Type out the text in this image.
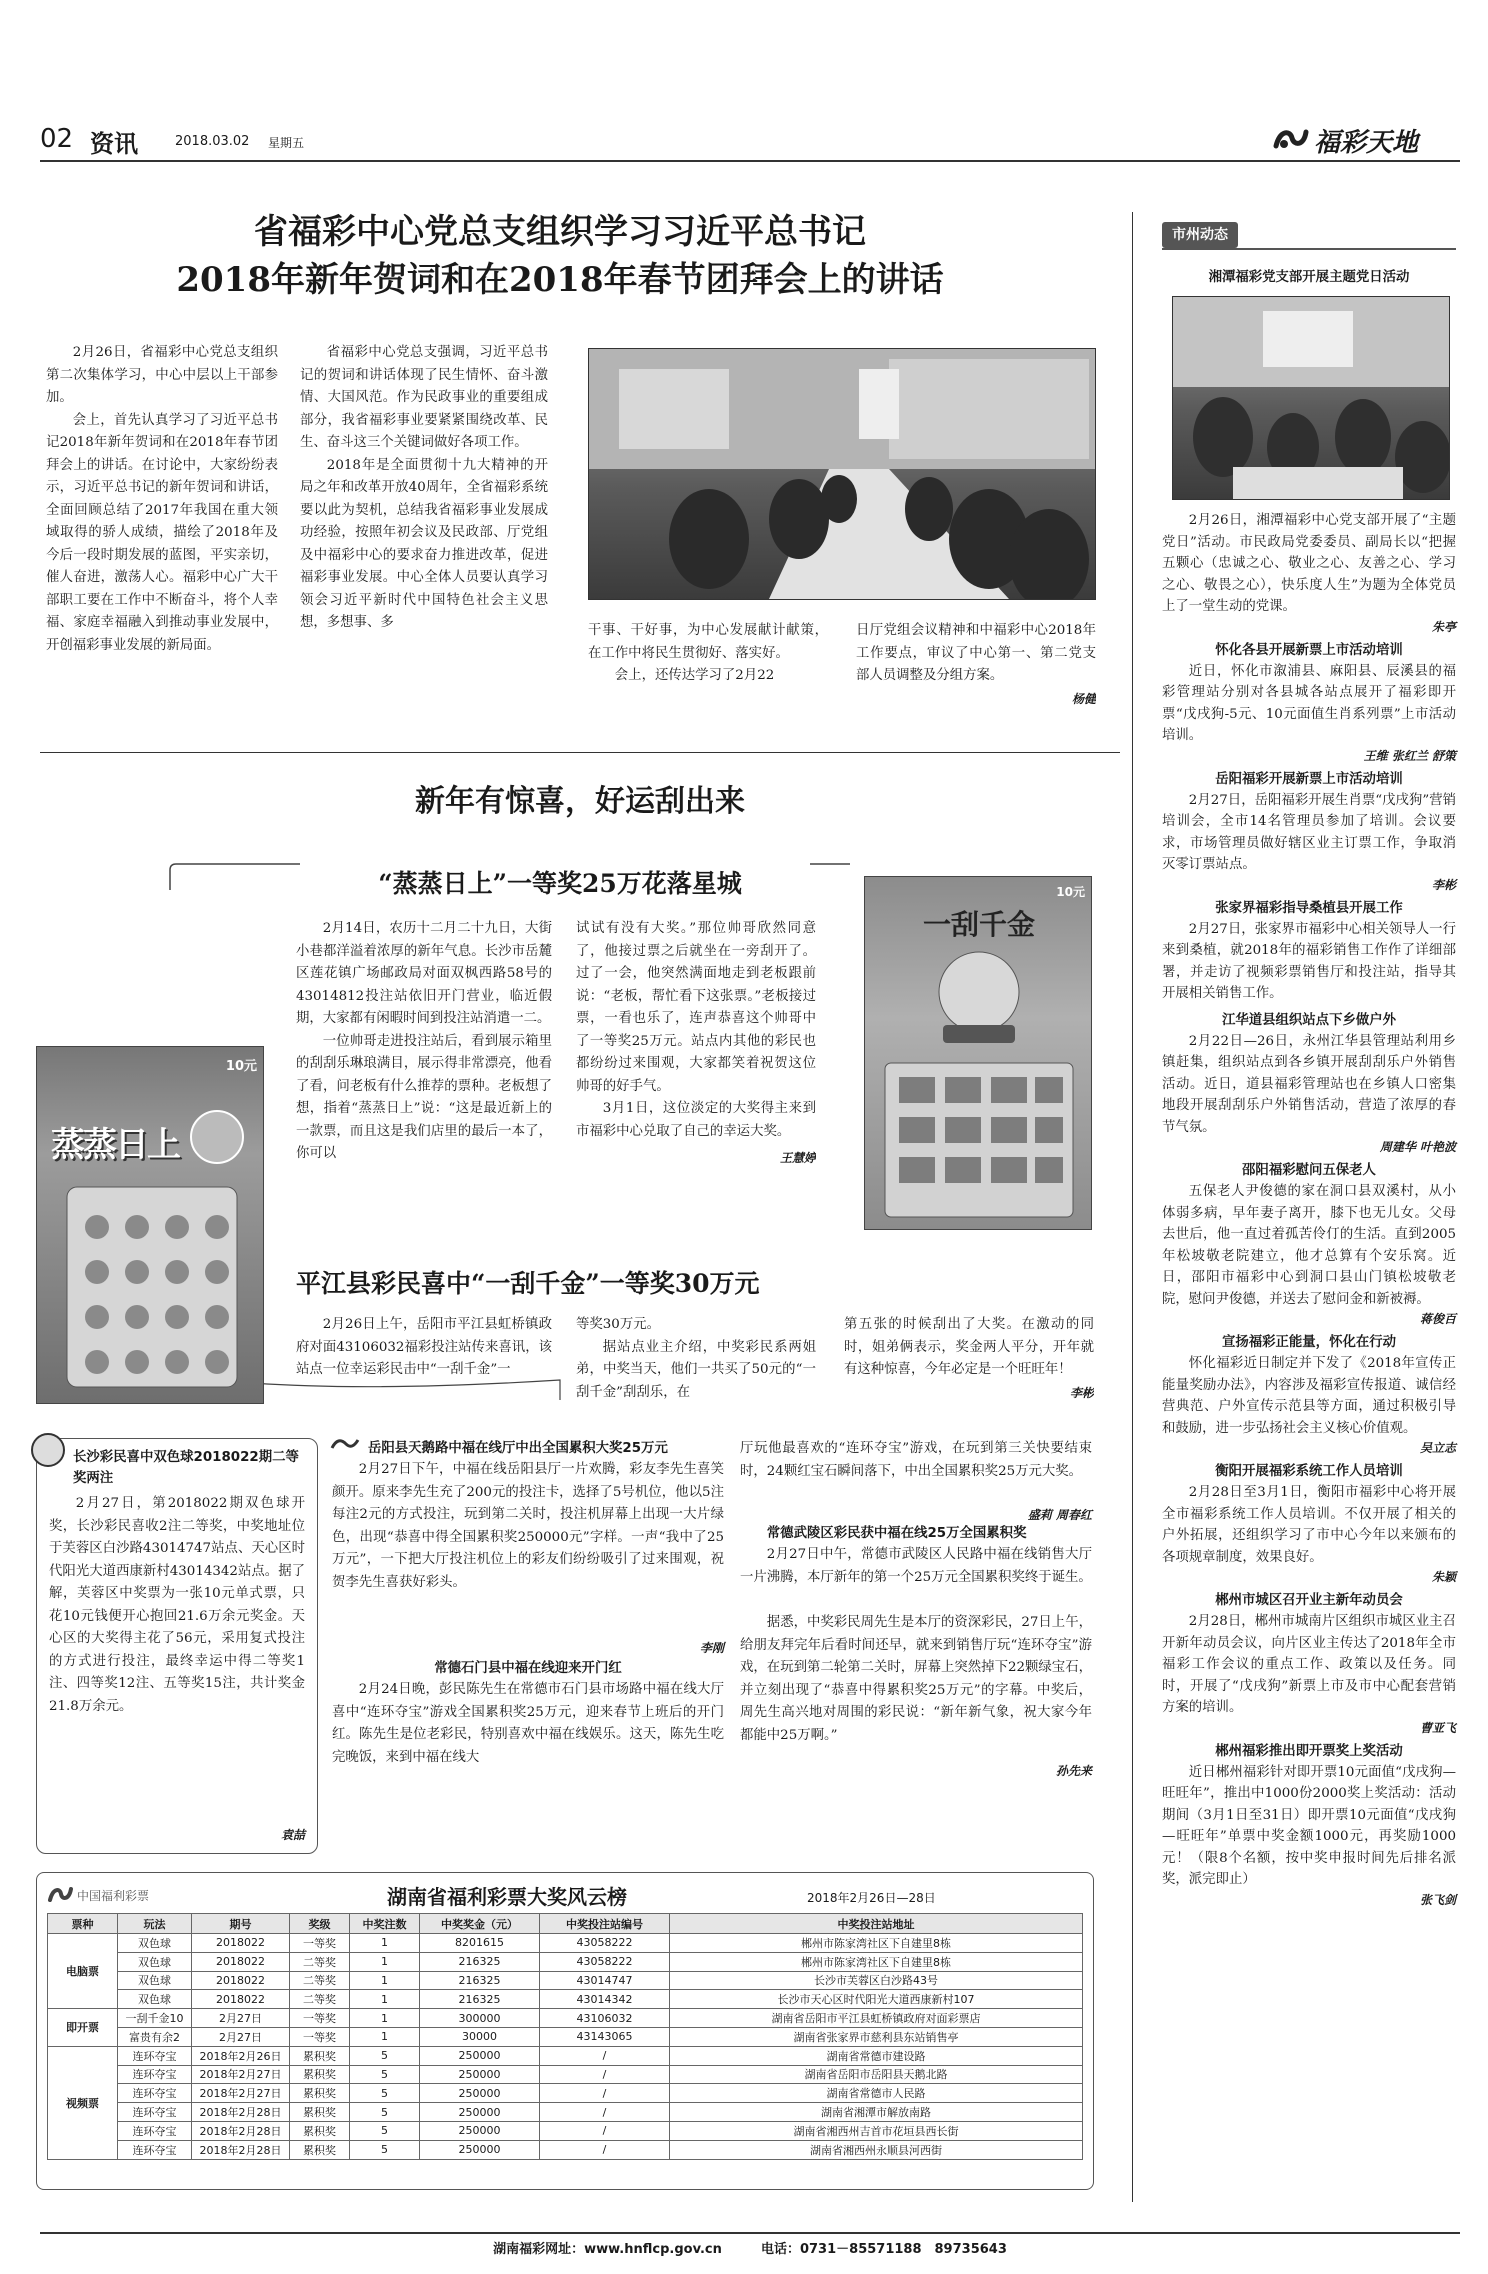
02 资讯	2018.03.02 星期五	福彩天地
省福彩中心党总支组织学习习近平总书记
2018年新年贺词和在2018年春节团拜会上的讲话

2月26日，省福彩中心党总支组织第二次集体学习，中心中层以上干部参加。

会上，首先认真学习了习近平总书记2018年新年贺词和在2018年春节团拜会上的讲话。在讨论中，大家纷纷表示，习近平总书记的新年贺词和讲话，全面回顾总结了2017年我国在重大领域取得的骄人成绩，描绘了2018年及今后一段时期发展的蓝图，平实亲切，催人奋进，激荡人心。福彩中心广大干部职工要在工作中不断奋斗，将个人幸福、家庭幸福融入到推动事业发展中，开创福彩事业发展的新局面。

省福彩中心党总支强调，习近平总书记的贺词和讲话体现了民生情怀、奋斗激情、大国风范。作为民政事业的重要组成部分，我省福彩事业要紧紧围绕改革、民生、奋斗这三个关键词做好各项工作。

2018年是全面贯彻十九大精神的开局之年和改革开放40周年，全省福彩系统要以此为契机，总结我省福彩事业发展成功经验，按照年初会议及民政部、厅党组及中福彩中心的要求奋力推进改革，促进福彩事业发展。中心全体人员要认真学习领会习近平新时代中国特色社会主义思想，多想事、多

干事、干好事，为中心发展献计献策，在工作中将民生贯彻好、落实好。

会上，还传达学习了2月22

日厅党组会议精神和中福彩中心2018年工作要点，审议了中心第一、第二党支部人员调整及分组方案。

杨健
新年有惊喜，好运刮出来
“蒸蒸日上”一等奖25万花落星城
10元
蒸蒸日上

2月14日，农历十二月二十九日，大街小巷都洋溢着浓厚的新年气息。长沙市岳麓区莲花镇广场邮政局对面双枫西路58号的43014812投注站依旧开门营业，临近假期，大家都有闲暇时间到投注站消遣一二。

一位帅哥走进投注站后，看到展示箱里的刮刮乐琳琅满目，展示得非常漂亮，他看了看，问老板有什么推荐的票种。老板想了想，指着“蒸蒸日上”说：“这是最近新上的一款票，而且这是我们店里的最后一本了，你可以

试试有没有大奖。”那位帅哥欣然同意了，他接过票之后就坐在一旁刮开了。过了一会，他突然满面地走到老板跟前说：“老板，帮忙看下这张票。”老板接过票，一看也乐了，连声恭喜这个帅哥中了一等奖25万元。站点内其他的彩民也都纷纷过来围观，大家都笑着祝贺这位帅哥的好手气。

3月1日，这位淡定的大奖得主来到市福彩中心兑取了自己的幸运大奖。

王慧婷
10元
一刮千金
平江县彩民喜中“一刮千金”一等奖30万元

2月26日上午，岳阳市平江县虹桥镇政府对面43106032福彩投注站传来喜讯，该站点一位幸运彩民击中“一刮千金”一

等奖30万元。

据站点业主介绍，中奖彩民系两姐弟，中奖当天，他们一共买了50元的“一刮千金”刮刮乐，在

第五张的时候刮出了大奖。在激动的同时，姐弟俩表示，奖金两人平分，开年就有这种惊喜，今年必定是一个旺旺年！

李彬
长沙彩民喜中双色球2018022期二等奖两注

2月27日，第2018022期双色球开奖，长沙彩民喜收2注二等奖，中奖地址位于芙蓉区白沙路43014747站点、天心区时代阳光大道西康新村43014342站点。据了解，芙蓉区中奖票为一张10元单式票，只花10元钱便开心抱回21.6万余元奖金。天心区的大奖得主花了56元，采用复式投注的方式进行投注，最终幸运中得二等奖1注、四等奖12注、五等奖15注，共计奖金21.8万余元。

袁喆
岳阳县天鹅路中福在线厅中出全国累积大奖25万元

2月27日下午，中福在线岳阳县厅一片欢腾，彩友李先生喜笑颜开。原来李先生充了200元的投注卡，选择了5号机位，他以5注每注2元的方式投注，玩到第二关时，投注机屏幕上出现一大片绿色，出现“恭喜中得全国累积奖250000元”字样。一声“我中了25万元”，一下把大厅投注机位上的彩友们纷纷吸引了过来围观，祝贺李先生喜获好彩头。

李刚
常德石门县中福在线迎来开门红

2月24日晚，彭民陈先生在常德市石门县市场路中福在线大厅喜中“连环夺宝”游戏全国累积奖25万元，迎来春节上班后的开门红。陈先生是位老彩民，特别喜欢中福在线娱乐。这天，陈先生吃完晚饭，来到中福在线大

厅玩他最喜欢的“连环夺宝”游戏，在玩到第三关快要结束时，24颗红宝石瞬间落下，中出全国累积奖25万元大奖。

盛莉 周春红
常德武陵区彩民获中福在线25万全国累积奖

2月27日中午，常德市武陵区人民路中福在线销售大厅一片沸腾，本厅新年的第一个25万元全国累积奖终于诞生。

据悉，中奖彩民周先生是本厅的资深彩民，27日上午，给朋友拜完年后看时间还早，就来到销售厅玩“连环夺宝”游戏，在玩到第二轮第二关时，屏幕上突然掉下22颗绿宝石，并立刻出现了“恭喜中得累积奖25万元”的字幕。中奖后，周先生高兴地对周围的彩民说：“新年新气象，祝大家今年都能中25万啊。”

孙先来
中国福利彩票	湖南省福利彩票大奖风云榜	2018年2月26日—28日
票种	玩法	期号	奖级	中奖注数	中奖奖金（元）	中奖投注站编号	中奖投注站地址
电脑票	双色球	2018022	一等奖	1	8201615	43058222	郴州市陈家湾社区下自建里8栋
	双色球	2018022	二等奖	1	216325	43058222	郴州市陈家湾社区下自建里8栋
	双色球	2018022	二等奖	1	216325	43014747	长沙市芙蓉区白沙路43号
	双色球	2018022	二等奖	1	216325	43014342	长沙市天心区时代阳光大道西康新村107
即开票	一刮千金10	2月27日	一等奖	1	300000	43106032	湖南省岳阳市平江县虹桥镇政府对面彩票店
	富贵有余2	2月27日	一等奖	1	30000	43143065	湖南省张家界市慈利县东站销售亭
视频票	连环夺宝	2018年2月26日	累积奖	5	250000	/	湖南省常德市建设路
	连环夺宝	2018年2月27日	累积奖	5	250000	/	湖南省岳阳市岳阳县天鹅北路
	连环夺宝	2018年2月27日	累积奖	5	250000	/	湖南省常德市人民路
	连环夺宝	2018年2月28日	累积奖	5	250000	/	湖南省湘潭市解放南路
	连环夺宝	2018年2月28日	累积奖	5	250000	/	湖南省湘西州吉首市花垣县西长街
	连环夺宝	2018年2月28日	累积奖	5	250000	/	湖南省湘西州永顺县河西街
市州动态
湘潭福彩党支部开展主题党日活动

2月26日，湘潭福彩中心党支部开展了“主题党日”活动。市民政局党委委员、副局长以“把握五颗心（忠诚之心、敬业之心、友善之心、学习之心、敬畏之心），快乐度人生”为题为全体党员上了一堂生动的党课。

朱亭
怀化各县开展新票上市活动培训

近日，怀化市溆浦县、麻阳县、辰溪县的福彩管理站分别对各县城各站点展开了福彩即开票“戊戌狗-5元、10元面值生肖系列票”上市活动培训。

王维 张红兰 舒策
岳阳福彩开展新票上市活动培训

2月27日，岳阳福彩开展生肖票“戊戌狗”营销培训会，全市14名管理员参加了培训。会议要求，市场管理员做好辖区业主订票工作，争取消灭零订票站点。

李彬
张家界福彩指导桑植县开展工作

2月27日，张家界市福彩中心相关领导人一行来到桑植，就2018年的福彩销售工作作了详细部署，并走访了视频彩票销售厅和投注站，指导其开展相关销售工作。

江华道县组织站点下乡做户外

2月22日—26日，永州江华县管理站利用乡镇赶集，组织站点到各乡镇开展刮刮乐户外销售活动。近日，道县福彩管理站也在乡镇人口密集地段开展刮刮乐户外销售活动，营造了浓厚的春节气氛。

周建华 叶艳波
邵阳福彩慰问五保老人

五保老人尹俊德的家在洞口县双溪村，从小体弱多病，早年妻子离开，膝下也无儿女。父母去世后，他一直过着孤苦伶仃的生活。直到2005年松坡敬老院建立，他才总算有个安乐窝。近日，邵阳市福彩中心到洞口县山门镇松坡敬老院，慰问尹俊德，并送去了慰问金和新被褥。

蒋俊百
宣扬福彩正能量，怀化在行动

怀化福彩近日制定并下发了《2018年宣传正能量奖励办法》，内容涉及福彩宣传报道、诚信经营典范、户外宣传示范县等方面，通过积极引导和鼓励，进一步弘扬社会主义核心价值观。

吴立志
衡阳开展福彩系统工作人员培训

2月28日至3月1日，衡阳市福彩中心将开展全市福彩系统工作人员培训。不仅开展了相关的户外拓展，还组织学习了市中心今年以来颁布的各项规章制度，效果良好。

朱颖
郴州市城区召开业主新年动员会

2月28日，郴州市城南片区组织市城区业主召开新年动员会议，向片区业主传达了2018年全市福彩工作会议的重点工作、政策以及任务。同时，开展了“戊戌狗”新票上市及市中心配套营销方案的培训。

曹亚飞
郴州福彩推出即开票奖上奖活动

近日郴州福彩针对即开票10元面值“戊戌狗—旺旺年”，推出中1000份2000奖上奖活动：活动期间（3月1日至31日）即开票10元面值“戊戌狗—旺旺年”单票中奖金额1000元，再奖励1000元！（限8个名额，按中奖申报时间先后排名派奖，派完即止）

张飞剑
湖南福彩网址：www.hnflcp.gov.cn	电话：0731－85571188　89735643
